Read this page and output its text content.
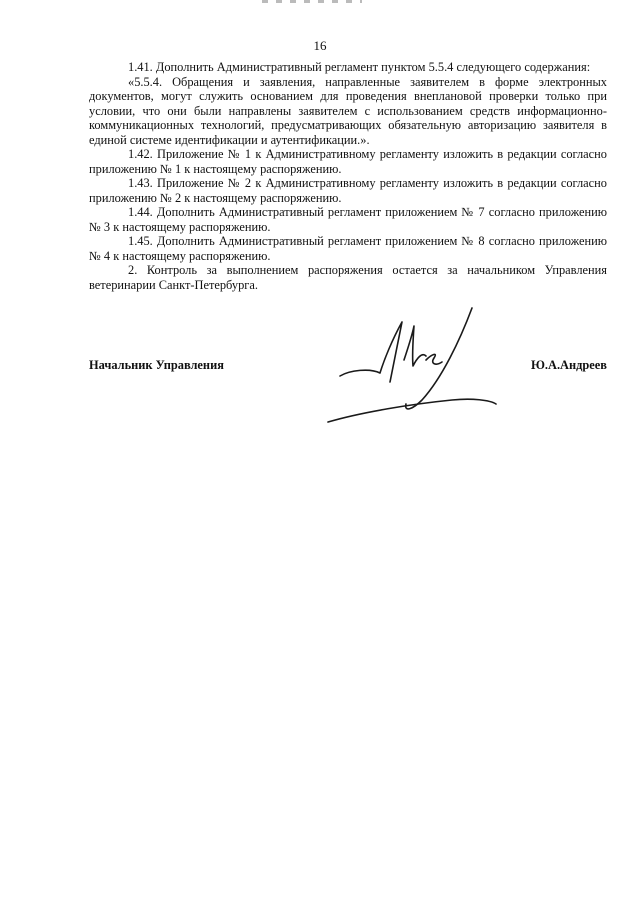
16

1.41. Дополнить Административный регламент пунктом 5.5.4 следующего содержания:

«5.5.4. Обращения и заявления, направленные заявителем в форме электронных документов, могут служить основанием для проведения внеплановой проверки только при условии, что они были направлены заявителем с использованием средств информационно-коммуникационных технологий, предусматривающих обязательную авторизацию заявителя в единой системе идентификации и аутентификации.».

1.42. Приложение № 1 к Административному регламенту изложить в редакции согласно приложению № 1 к настоящему распоряжению.

1.43. Приложение № 2 к Административному регламенту изложить в редакции согласно приложению № 2 к настоящему распоряжению.

1.44. Дополнить Административный регламент приложением № 7 согласно приложению № 3 к настоящему распоряжению.

1.45. Дополнить Административный регламент приложением № 8 согласно приложению № 4 к настоящему распоряжению.

2. Контроль за выполнением распоряжения остается за начальником Управления ветеринарии Санкт-Петербурга.

Начальник Управления	Ю.А.Андреев
